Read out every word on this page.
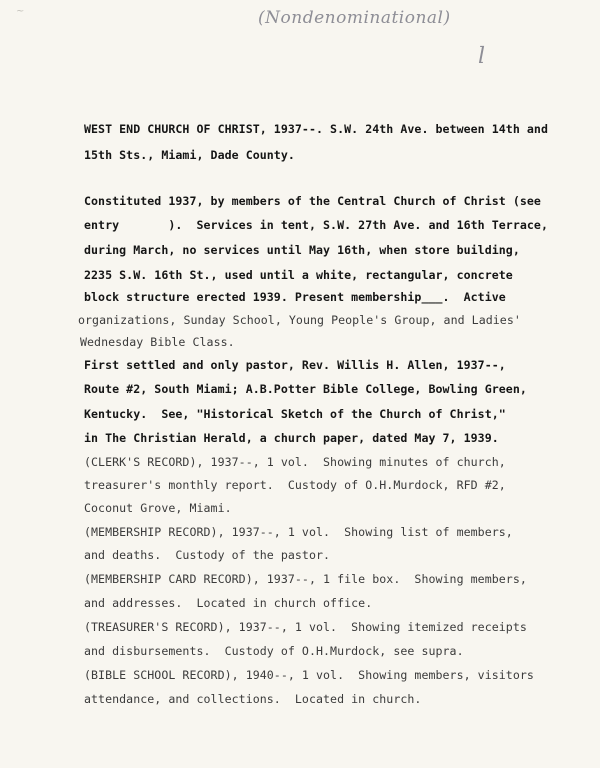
~	(Nondenominational)
l
WEST END CHURCH OF CHRIST, 1937--. S.W. 24th Ave. between 14th and
15th Sts., Miami, Dade County.
Constituted 1937, by members of the Central Church of Christ (see
entry       ).  Services in tent, S.W. 27th Ave. and 16th Terrace,
during March, no services until May 16th, when store building,
2235 S.W. 16th St., used until a white, rectangular, concrete
block structure erected 1939. Present membership___.  Active
organizations, Sunday School, Young People's Group, and Ladies'
Wednesday Bible Class.
First settled and only pastor, Rev. Willis H. Allen, 1937--,
Route #2, South Miami; A.B.Potter Bible College, Bowling Green,
Kentucky.  See, "Historical Sketch of the Church of Christ,"
in The Christian Herald, a church paper, dated May 7, 1939.
(CLERK'S RECORD), 1937--, 1 vol.  Showing minutes of church,
treasurer's monthly report.  Custody of O.H.Murdock, RFD #2,
Coconut Grove, Miami.
(MEMBERSHIP RECORD), 1937--, 1 vol.  Showing list of members,
and deaths.  Custody of the pastor.
(MEMBERSHIP CARD RECORD), 1937--, 1 file box.  Showing members,
and addresses.  Located in church office.
(TREASURER'S RECORD), 1937--, 1 vol.  Showing itemized receipts
and disbursements.  Custody of O.H.Murdock, see supra.
(BIBLE SCHOOL RECORD), 1940--, 1 vol.  Showing members, visitors
attendance, and collections.  Located in church.
